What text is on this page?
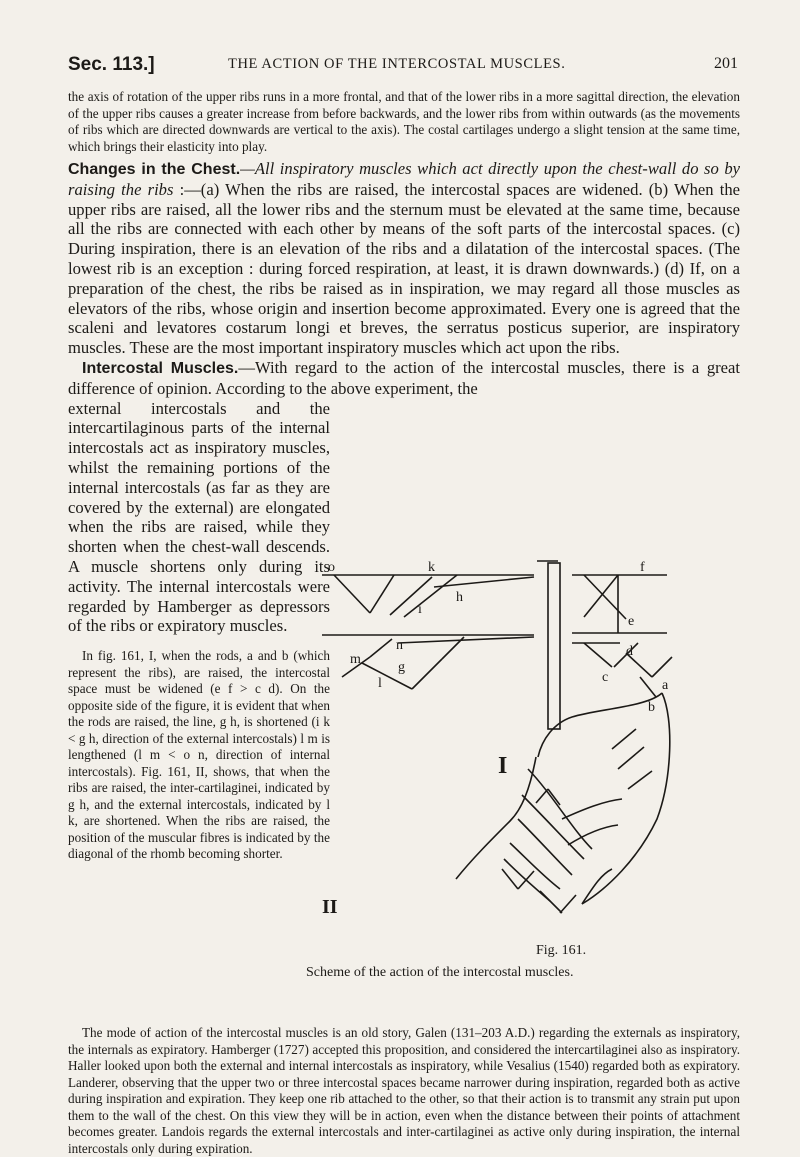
Sec. 113.]	THE ACTION OF THE INTERCOSTAL MUSCLES.	201

the axis of rotation of the upper ribs runs in a more frontal, and that of the lower ribs in a more sagittal direction, the elevation of the upper ribs causes a greater increase from before backwards, and the lower ribs from within outwards (as the movements of ribs which are directed downwards are vertical to the axis). The costal cartilages undergo a slight tension at the same time, which brings their elasticity into play.

Changes in the Chest.—All inspiratory muscles which act directly upon the chest-wall do so by raising the ribs :—(a) When the ribs are raised, the intercostal spaces are widened. (b) When the upper ribs are raised, all the lower ribs and the sternum must be elevated at the same time, because all the ribs are connected with each other by means of the soft parts of the intercostal spaces. (c) During inspiration, there is an elevation of the ribs and a dilatation of the intercostal spaces. (The lowest rib is an exception : during forced respiration, at least, it is drawn downwards.) (d) If, on a preparation of the chest, the ribs be raised as in inspiration, we may regard all those muscles as elevators of the ribs, whose origin and insertion become approximated. Every one is agreed that the scaleni and levatores costarum longi et breves, the serratus posticus superior, are inspiratory muscles. These are the most important inspiratory muscles which act upon the ribs.

Intercostal Muscles.—With regard to the action of the intercostal muscles, there is a great difference of opinion. According to the above experiment, the

external intercostals and the intercartilaginous parts of the internal intercostals act as inspiratory muscles, whilst the remaining portions of the internal intercostals (as far as they are covered by the external) are elongated when the ribs are raised, while they shorten when the chest-wall descends. A muscle shortens only during its activity. The internal intercostals were regarded by Hamberger as depressors of the ribs or expiratory muscles.

In fig. 161, I, when the rods, a and b (which represent the ribs), are raised, the intercostal space must be widened (e f > c d). On the opposite side of the figure, it is evident that when the rods are raised, the line, g h, is shortened (i k < g h, direction of the external intercostals) l m is lengthened (l m < o n, direction of internal intercostals). Fig. 161, II, shows, that when the ribs are raised, the inter-cartilaginei, indicated by g h, and the external intercostals, indicated by l k, are shortened. When the ribs are raised, the position of the muscular fibres is indicated by the diagonal of the rhomb becoming shorter.

o	k	f
i
h
e
n
m
d
c
a
l
g
b
I
II
Fig. 161.
Scheme of the action of the intercostal muscles.

The mode of action of the intercostal muscles is an old story, Galen (131–203 A.D.) regarding the externals as inspiratory, the internals as expiratory. Hamberger (1727) accepted this proposition, and considered the intercartilaginei also as inspiratory. Haller looked upon both the external and internal intercostals as inspiratory, while Vesalius (1540) regarded both as expiratory. Landerer, observing that the upper two or three intercostal spaces became narrower during inspiration, regarded both as active during inspiration and expiration. They keep one rib attached to the other, so that their action is to transmit any strain put upon them to the wall of the chest. On this view they will be in action, even when the distance between their points of attachment becomes greater. Landois regards the external intercostals and inter-cartilaginei as active only during inspiration, the internal intercostals only during expiration.
